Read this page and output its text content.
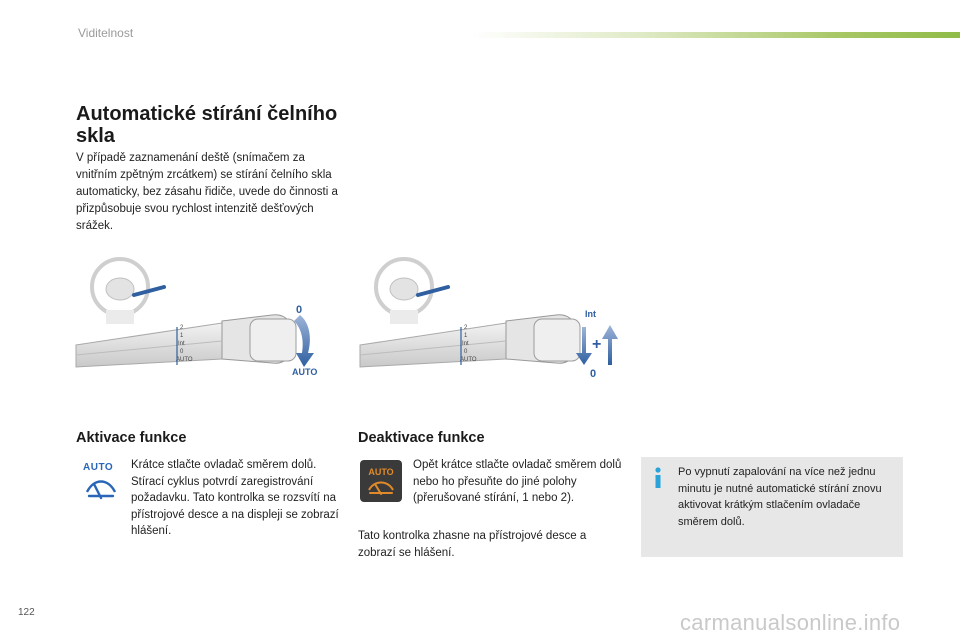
Viditelnost
Automatické stírání čelního skla
V případě zaznamenání deště (snímačem za vnitřním zpětným zrcátkem) se stírání čelního skla automaticky, bez zásahu řidiče, uvede do činnosti a přizpůsobuje svou rychlost intenzitě dešťových srážek.
2
1
Int
0
AUTO
0
AUTO
2
1
Int
0
AUTO
+
Int
0
Aktivace funkce
AUTO Krátce stlačte ovladač směrem dolů. Stírací cyklus potvrdí zaregistrování požadavku. Tato kontrolka se rozsvítí na přístrojové desce a na displeji se zobrazí hlášení.
Deaktivace funkce
AUTO
Opět krátce stlačte ovladač směrem dolů nebo ho přesuňte do jiné polohy (přerušované stírání, 1 nebo 2).
Tato kontrolka zhasne na přístrojové desce a zobrazí se hlášení.
Po vypnutí zapalování na více než jednu minutu je nutné automatické stírání znovu aktivovat krátkým stlačením ovladače směrem dolů.
122	carmanualsonline.info
